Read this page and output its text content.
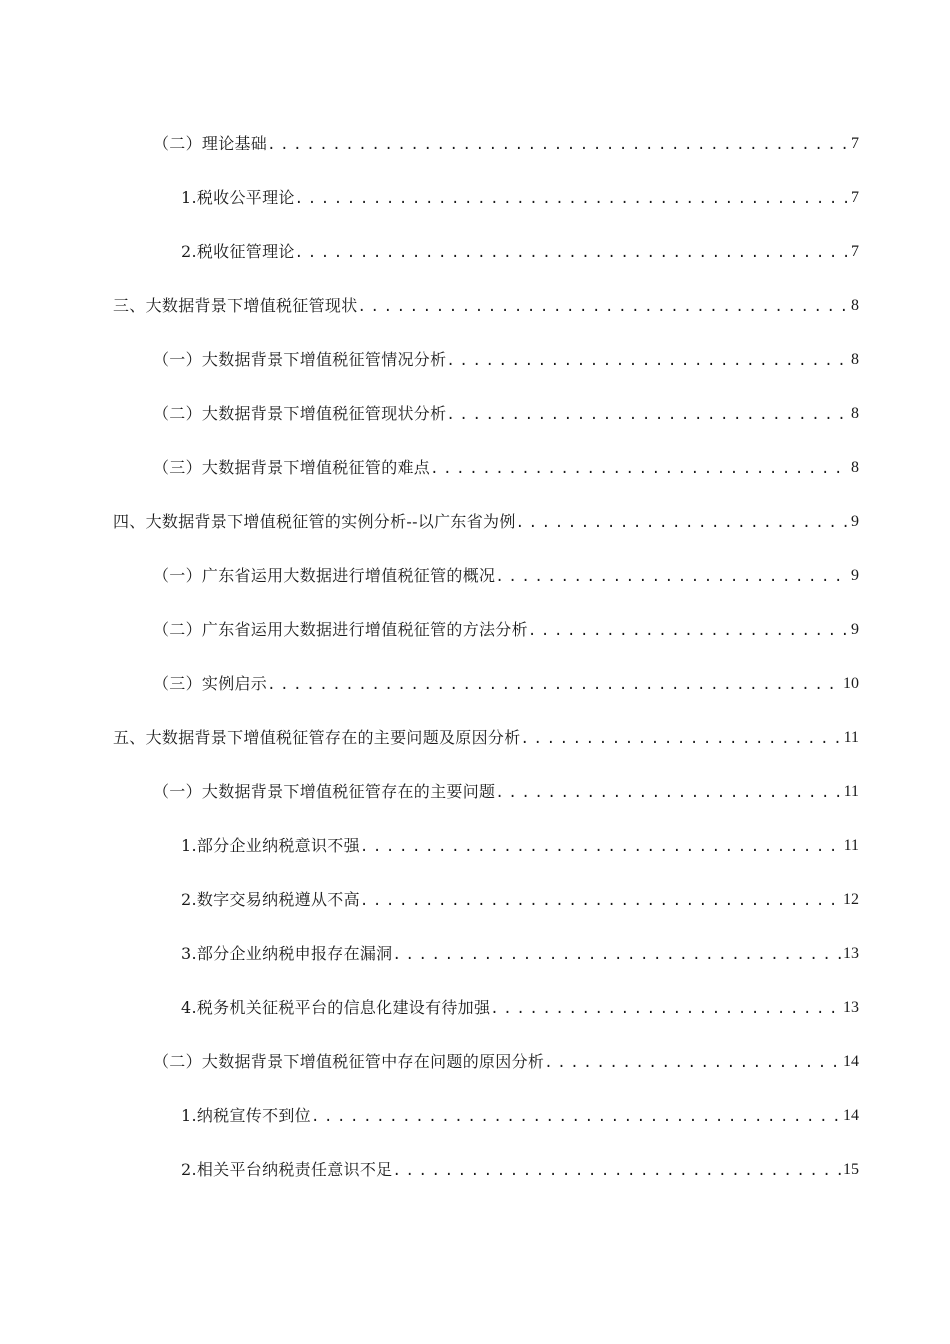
（二）理论基础 .....	7
1.税收公平理论 .....	7
2.税收征管理论 .....	7
三、大数据背景下增值税征管现状 .....	8
（一）大数据背景下增值税征管情况分析 .....	8
（二）大数据背景下增值税征管现状分析 .....	8
（三）大数据背景下增值税征管的难点 .....	8
四、大数据背景下增值税征管的实例分析--以广东省为例 .....	9
（一）广东省运用大数据进行增值税征管的概况 .....	9
（二）广东省运用大数据进行增值税征管的方法分析 .....	9
（三）实例启示 .....	10
五、大数据背景下增值税征管存在的主要问题及原因分析 .....	11
（一）大数据背景下增值税征管存在的主要问题 .....	11
1.部分企业纳税意识不强 .....	11
2.数字交易纳税遵从不高 .....	12
3.部分企业纳税申报存在漏洞 .....	13
4.税务机关征税平台的信息化建设有待加强 .....	13
（二）大数据背景下增值税征管中存在问题的原因分析 .....	14
1.纳税宣传不到位 .....	14
2.相关平台纳税责任意识不足 .....	15
